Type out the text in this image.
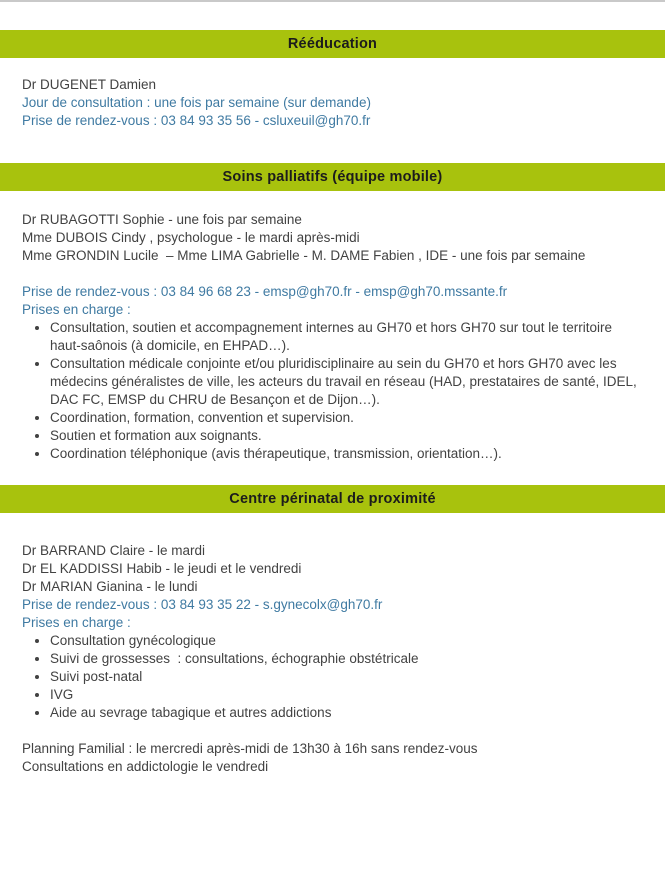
Rééducation
Dr DUGENET Damien
Jour de consultation : une fois par semaine (sur demande)
Prise de rendez-vous : 03 84 93 35 56 - csluxeuil@gh70.fr
Soins palliatifs (équipe mobile)
Dr RUBAGOTTI Sophie - une fois par semaine
Mme DUBOIS Cindy , psychologue - le mardi après-midi
Mme GRONDIN Lucile  – Mme LIMA Gabrielle - M. DAME Fabien , IDE - une fois par semaine
Prise de rendez-vous : 03 84 96 68 23 - emsp@gh70.fr - emsp@gh70.mssante.fr
Prises en charge :
• Consultation, soutien et accompagnement internes au GH70 et hors GH70 sur tout le territoire haut-saônois (à domicile, en EHPAD…).
• Consultation médicale conjointe et/ou pluridisciplinaire au sein du GH70 et hors GH70 avec les médecins généralistes de ville, les acteurs du travail en réseau (HAD, prestataires de santé, IDEL, DAC FC, EMSP du CHRU de Besançon et de Dijon…).
• Coordination, formation, convention et supervision.
• Soutien et formation aux soignants.
• Coordination téléphonique (avis thérapeutique, transmission, orientation…).
Centre périnatal de proximité
Dr BARRAND Claire - le mardi
Dr EL KADDISSI Habib - le jeudi et le vendredi
Dr MARIAN Gianina - le lundi
Prise de rendez-vous : 03 84 93 35 22 - s.gynecolx@gh70.fr
Prises en charge :
• Consultation gynécologique
• Suivi de grossesses  : consultations, échographie obstétricale
• Suivi post-natal
• IVG
• Aide au sevrage tabagique et autres addictions
Planning Familial : le mercredi après-midi de 13h30 à 16h sans rendez-vous
Consultations en addictologie le vendredi
